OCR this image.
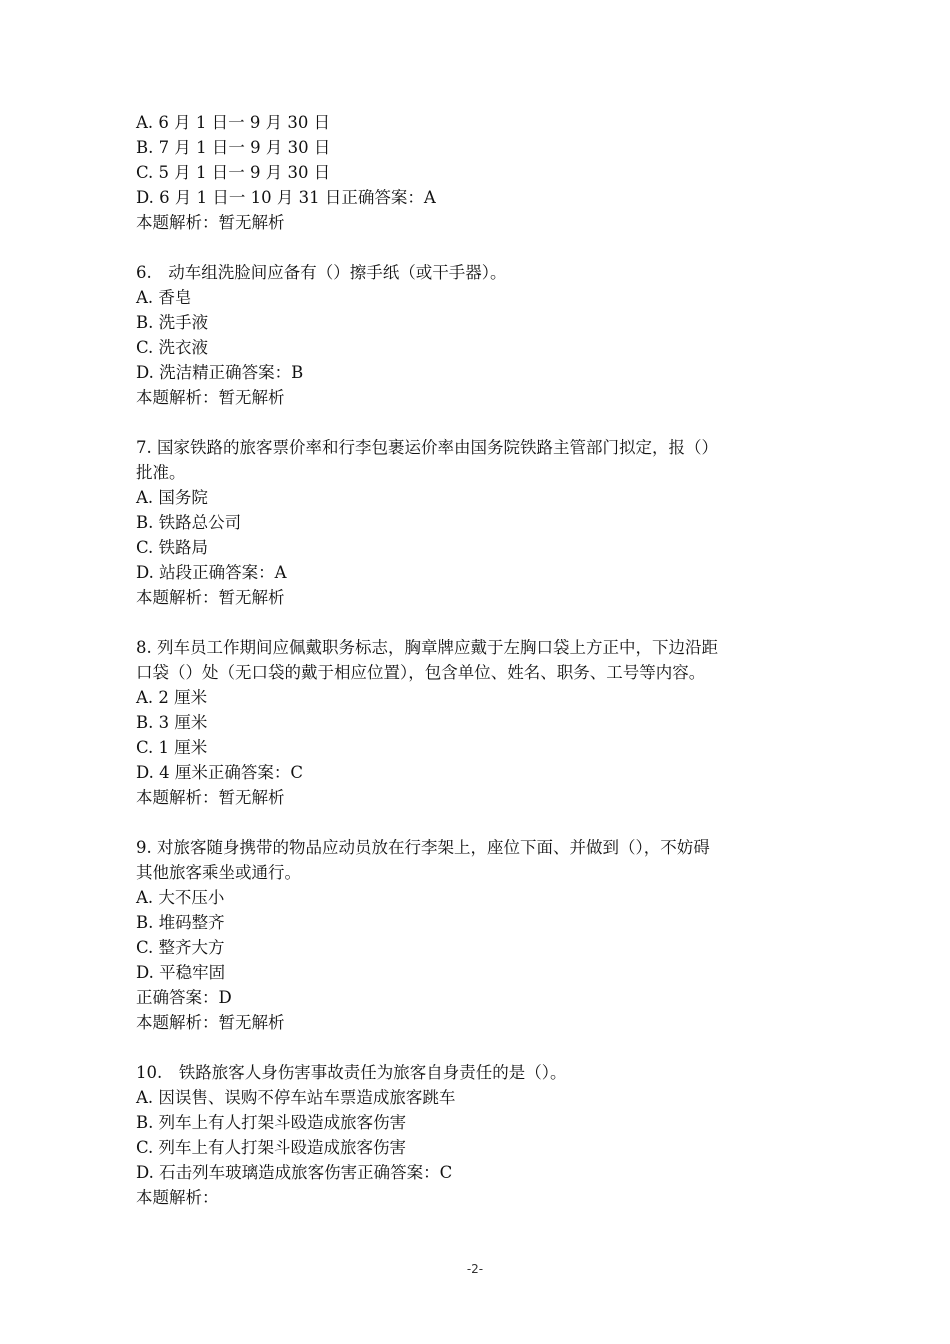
A. 6 月 1 日一 9 月 30 日
B. 7 月 1 日一 9 月 30 日
C. 5 月 1 日一 9 月 30 日
D. 6 月 1 日一 10 月 31 日正确答案：A
本题解析：暂无解析
6.　动车组洗脸间应备有（）擦手纸（或干手器）。
A. 香皂
B. 洗手液
C. 洗衣液
D. 洗洁精正确答案：B
本题解析：暂无解析
7. 国家铁路的旅客票价率和行李包裹运价率由国务院铁路主管部门拟定，报（）
批准。
A. 国务院
B. 铁路总公司
C. 铁路局
D. 站段正确答案：A
本题解析：暂无解析
8. 列车员工作期间应佩戴职务标志，胸章牌应戴于左胸口袋上方正中，下边沿距
口袋（）处（无口袋的戴于相应位置），包含单位、姓名、职务、工号等内容。
A. 2 厘米
B. 3 厘米
C. 1 厘米
D. 4 厘米正确答案：C
本题解析：暂无解析
9. 对旅客随身携带的物品应动员放在行李架上，座位下面、并做到（），不妨碍
其他旅客乘坐或通行。
A. 大不压小
B. 堆码整齐
C. 整齐大方
D. 平稳牢固
正确答案：D
本题解析：暂无解析
10.　铁路旅客人身伤害事故责任为旅客自身责任的是（）。
A. 因误售、误购不停车站车票造成旅客跳车
B. 列车上有人打架斗殴造成旅客伤害
C. 列车上有人打架斗殴造成旅客伤害
D. 石击列车玻璃造成旅客伤害正确答案：C
本题解析：
-2-
